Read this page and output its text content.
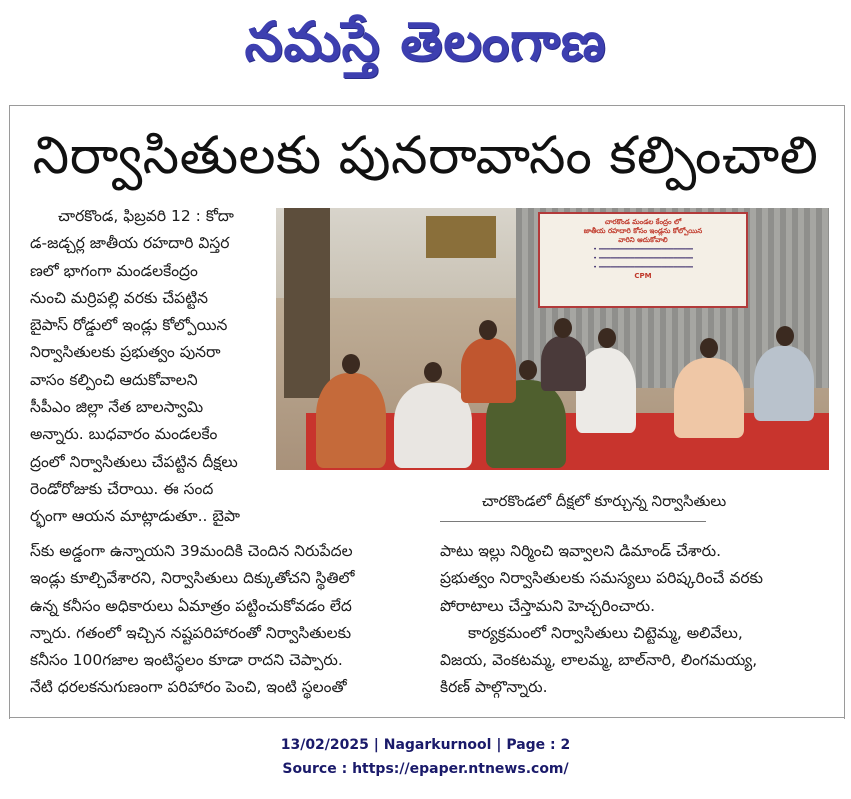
నమస్తే తెలంగాణ
నిర్వాసితులకు పునరావాసం కల్పించాలి

చారకొండ, ఫిబ్రవరి 12 : కోదా

డ-జడ్చర్ల జాతీయ రహదారి విస్తర

ణలో భాగంగా మండలకేంద్రం

నుంచి మర్రిపల్లి వరకు చేపట్టిన

బైపాస్ రోడ్డులో ఇండ్లు కోల్పోయిన

నిర్వాసితులకు ప్రభుత్వం పునరా

వాసం కల్పించి ఆదుకోవాలని

సీపీఎం జిల్లా నేత బాలస్వామి

అన్నారు. బుధవారం మండలకేం

ద్రంలో నిర్వాసితులు చేపట్టిన దీక్షలు

రెండోరోజుకు చేరాయి. ఈ సంద

ర్భంగా ఆయన మాట్లాడుతూ.. బైపా

చారకొండ మండల కేంద్రం లో
జాతీయ రహదారి కోసం ఇండ్లను కోల్పోయిన
వారిని ఆదుకోవాలి
• ━━━━━━━━━━━━━━━━━━━━━━━━
• ━━━━━━━━━━━━━━━━━━━━━━━━
• ━━━━━━━━━━━━━━━━━━━━━━━━
CPM
చారకొండలో దీక్షలో కూర్చున్న నిర్వాసితులు

స్‌కు అడ్డంగా ఉన్నాయని 39మందికి చెందిన నిరుపేదల

ఇండ్లు కూల్చివేశారని, నిర్వాసితులు దిక్కుతోచని స్థితిలో

ఉన్న కనీసం అధికారులు ఏమాత్రం పట్టించుకోవడం లేద

న్నారు. గతంలో ఇచ్చిన నష్టపరిహారంతో నిర్వాసితులకు

కనీసం 100గజాల ఇంటిస్థలం కూడా రాదని చెప్పారు.

నేటి ధరలకనుగుణంగా పరిహారం పెంచి, ఇంటి స్థలంతో

పాటు ఇల్లు నిర్మించి ఇవ్వాలని డిమాండ్ చేశారు.

ప్రభుత్వం నిర్వాసితులకు సమస్యలు పరిష్కరించే వరకు

పోరాటాలు చేస్తామని హెచ్చరించారు.

కార్యక్రమంలో నిర్వాసితులు చిట్టెమ్మ, అలివేలు,

విజయ, వెంకటమ్మ, లాలమ్మ, బాల్‌నారి, లింగమయ్య,

కిరణ్ పాల్గొన్నారు.

13/02/2025 | Nagarkurnool | Page : 2
Source : https://epaper.ntnews.com/
